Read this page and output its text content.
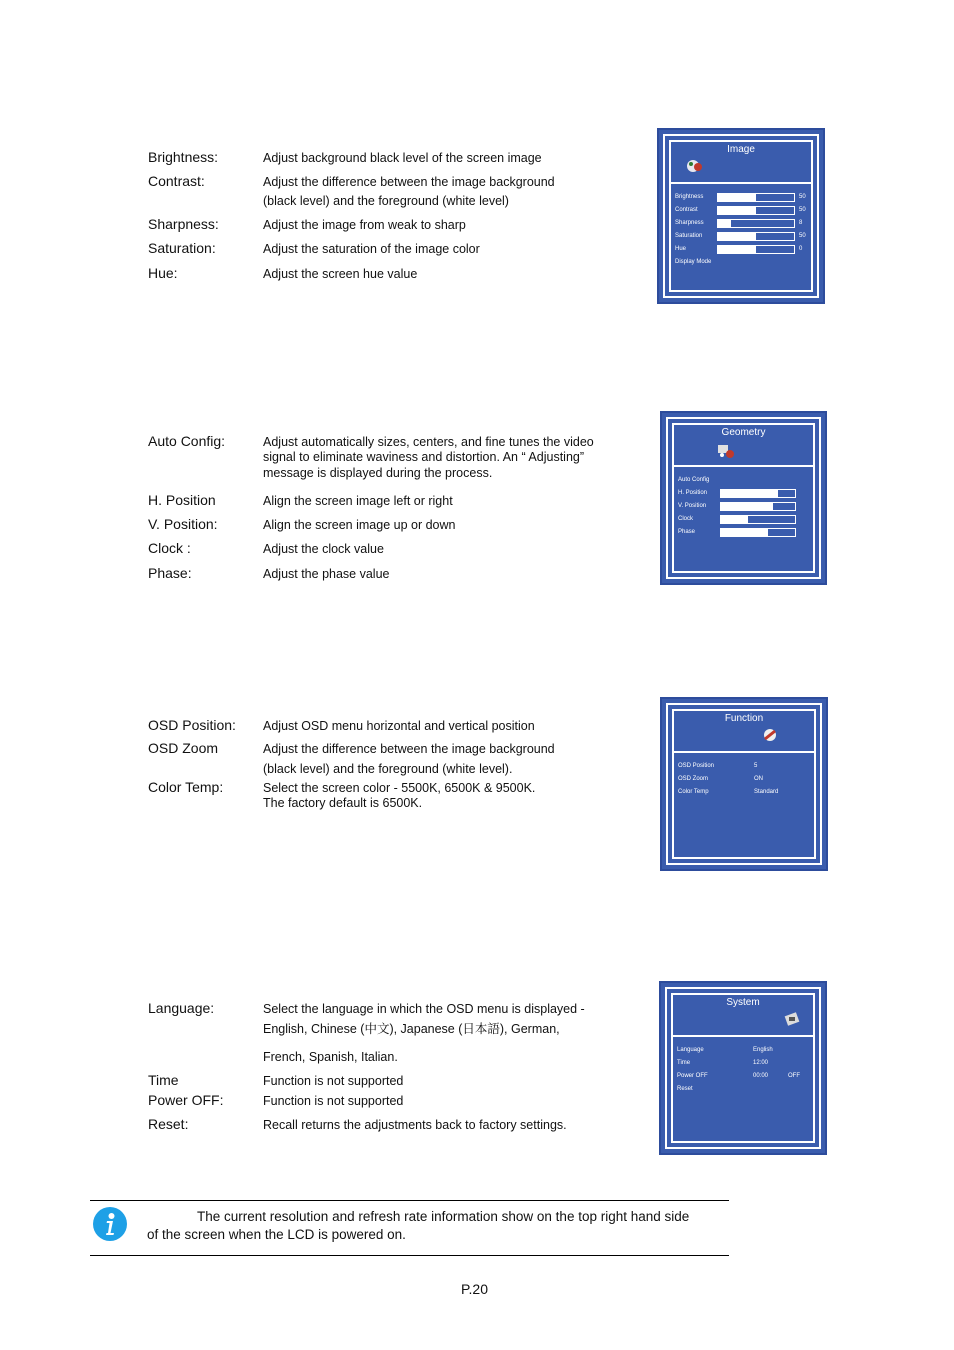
Brightness:	Adjust background black level of the screen image
Contrast:	Adjust the difference between the image background
(black level) and the foreground (white level)
Sharpness:	Adjust the image from weak to sharp
Saturation:	Adjust the saturation of the image color
Hue:	Adjust the screen hue value
Image
Brightness	50
Contrast	50
Sharpness	8
Saturation	50
Hue	0
Display Mode
Auto Config:	Adjust automatically sizes, centers, and fine tunes the video
signal to eliminate waviness and distortion. An “ Adjusting”
message is displayed during the process.
H. Position	Align the screen image left or right
V. Position:	Align the screen image up or down
Clock :	Adjust the clock value
Phase:	Adjust the phase value
Geometry
Auto Config
H. Position
V. Position
Clock
Phase
OSD Position: Adjust OSD menu horizontal and vertical position
OSD Zoom	Adjust the difference between the image background
(black level) and the foreground (white level).
Color Temp:	Select the screen color - 5500K, 6500K & 9500K.
The factory default is 6500K.
Function
OSD Position	5
OSD Zoom	ON
Color Temp	Standard
Language:	Select the language in which the OSD menu is displayed -
English, Chinese (中文), Japanese (日本語), German,
French, Spanish, Italian.
Time	Function is not supported
Power OFF:	Function is not supported
Reset:	Recall returns the adjustments back to factory settings.
System
Language	English
Time	12:00
Power OFF	00:00	OFF
Reset
The current resolution and refresh rate information show on the top right hand side
of the screen when the LCD is powered on.
P.20
